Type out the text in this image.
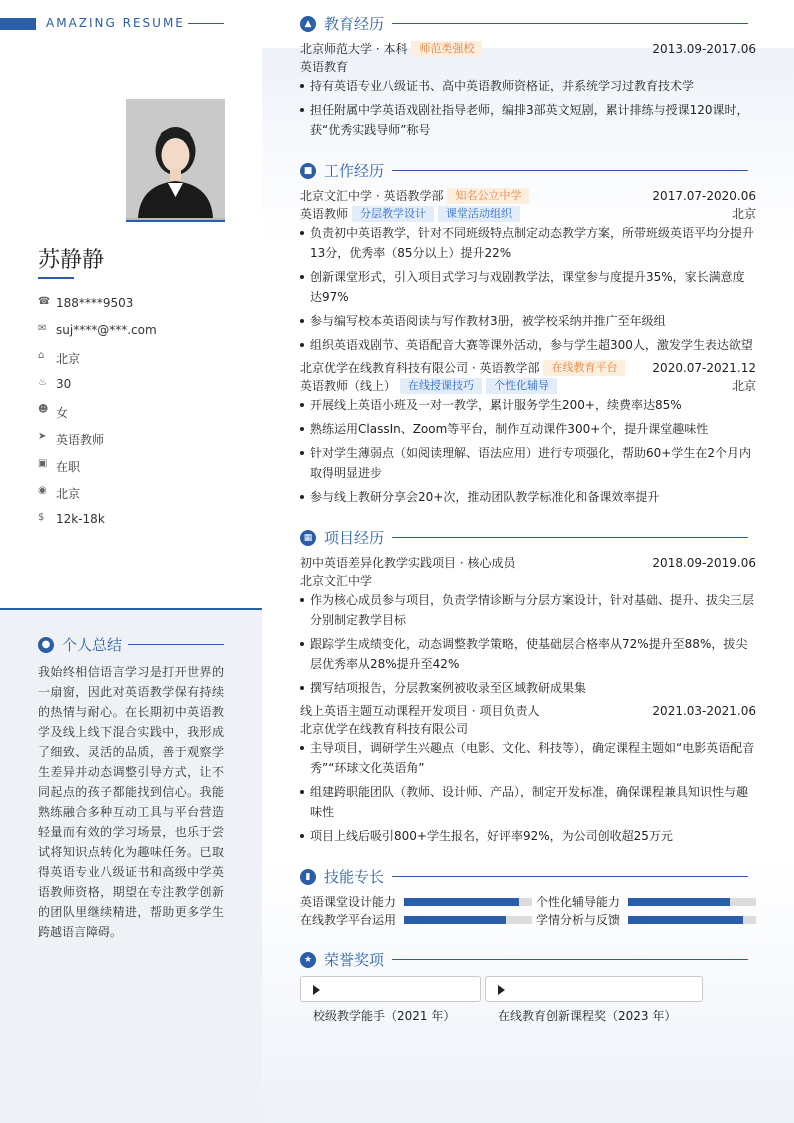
AMAZING RESUME
苏静静
☎ 188****9503
✉ suj****@***.com
⌂ 北京
♨ 30
☻ 女
➤ 英语教师
▣ 在职
◉ 北京
$ 12k-18k
● 个人总结
我始终相信语言学习是打开世界的一扇窗，因此对英语教学保有持续的热情与耐心。在长期初中英语教学及线上线下混合实践中，我形成了细致、灵活的品质，善于观察学生差异并动态调整引导方式，让不同起点的孩子都能找到信心。我能熟练融合多种互动工具与平台营造轻量而有效的学习场景，也乐于尝试将知识点转化为趣味任务。已取得英语专业八级证书和高级中学英语教师资格，期望在专注教学创新的团队里继续精进，帮助更多学生跨越语言障碍。
▲ 教育经历
北京师范大学 · 本科 师范类强校	2013.09-2017.06
英语教育
持有英语专业八级证书、高中英语教师资格证，并系统学习过教育技术学
担任附属中学英语戏剧社指导老师，编排3部英文短剧，累计排练与授课120课时，获“优秀实践导师”称号
■ 工作经历
北京文汇中学 · 英语教学部 知名公立中学	2017.07-2020.06
英语教师 分层教学设计 课堂活动组织	北京
负责初中英语教学，针对不同班级特点制定动态教学方案，所带班级英语平均分提升13分，优秀率（85分以上）提升22%
创新课堂形式，引入项目式学习与戏剧教学法，课堂参与度提升35%，家长满意度达97%
参与编写校本英语阅读与写作教材3册，被学校采纳并推广至年级组
组织英语戏剧节、英语配音大赛等课外活动，参与学生超300人，激发学生表达欲望
北京优学在线教育科技有限公司 · 英语教学部 在线教育平台	2020.07-2021.12
英语教师（线上） 在线授课技巧 个性化辅导	北京
开展线上英语小班及一对一教学，累计服务学生200+，续费率达85%
熟练运用ClassIn、Zoom等平台，制作互动课件300+个，提升课堂趣味性
针对学生薄弱点（如阅读理解、语法应用）进行专项强化，帮助60+学生在2个月内取得明显进步
参与线上教研分享会20+次，推动团队教学标准化和备课效率提升
▦ 项目经历
初中英语差异化教学实践项目 · 核心成员	2018.09-2019.06
北京文汇中学
作为核心成员参与项目，负责学情诊断与分层方案设计，针对基础、提升、拔尖三层分别制定教学目标
跟踪学生成绩变化，动态调整教学策略，使基础层合格率从72%提升至88%，拔尖层优秀率从28%提升至42%
撰写结项报告，分层教案例被收录至区域教研成果集
线上英语主题互动课程开发项目 · 项目负责人	2021.03-2021.06
北京优学在线教育科技有限公司
主导项目，调研学生兴趣点（电影、文化、科技等），确定课程主题如“电影英语配音秀”“环球文化英语角”
组建跨职能团队（教师、设计师、产品），制定开发标准，确保课程兼具知识性与趣味性
项目上线后吸引800+学生报名，好评率92%，为公司创收超25万元
▮ 技能专长
英语课堂设计能力	个性化辅导能力
在线教学平台运用	学情分析与反馈
★ 荣誉奖项
校级教学能手（2021 年）	在线教育创新课程奖（2023 年）
